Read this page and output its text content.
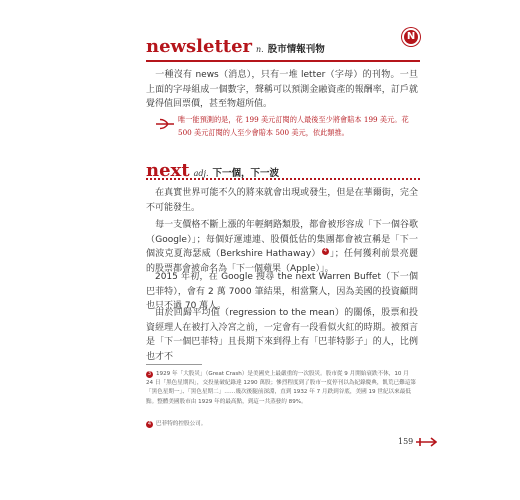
N
newsletter n. 股市情報刊物
一種沒有 news（消息），只有一堆 letter（字母）的刊物。一旦上面的字母組成一個數字，聲稱可以預測金融資產的報酬率，訂戶就覺得值回票價，甚至物超所值。
唯一能預測的是，花 199 美元訂閱的人最後至少將會賠本 199 美元。花 500 美元訂閱的人至少會賠本 500 美元，依此類推。
next adj. 下一個，下一波
在真實世界可能不久的將來就會出現或發生，但是在華爾街，完全不可能發生。
每一支價格不斷上漲的年輕網路類股，都會被形容成「下一個谷歌（Google）」；每個好運連連、股價低估的集團都會被宣稱是「下一個波克夏海瑟威（Berkshire Hathaway） 4 」；任何獲利前景亮麗的股票都會被命名為「下一個蘋果（Apple）」。
2015 年初，在 Google 搜尋 the next Warren Buffet（下一個巴菲特），會有 2 萬 7000 筆結果，相當驚人，因為美國的投資顧問也只不過 70 萬人。
由於回歸平均值（regression to the mean）的關係，股票和投資經理人在被打入冷宮之前，一定會有一段看似火紅的時期。被預言是「下一個巴菲特」且長期下來到得上有「巴菲特影子」的人，比例也才不
3 1929 年「大股災」（Great Crash）是美國史上最嚴重的一次股災。股市從 9 月開始衰跌不休，10 月 24 日「黑色星期四」，交投量破紀錄達 1290 萬股；慘烈程度到了股市一度停刊以為紀錄慶典，飢荒已難這第「黑色星期一」、「黑色星期二」……幾次後腿前深淵，直到 1932 年 7 月跌到谷底，美國 19 世紀以來最低點。整體美國股市由 1929 年的最高點，到這一共蒸發約 89%。
4 巴菲特的控股公司。
159
